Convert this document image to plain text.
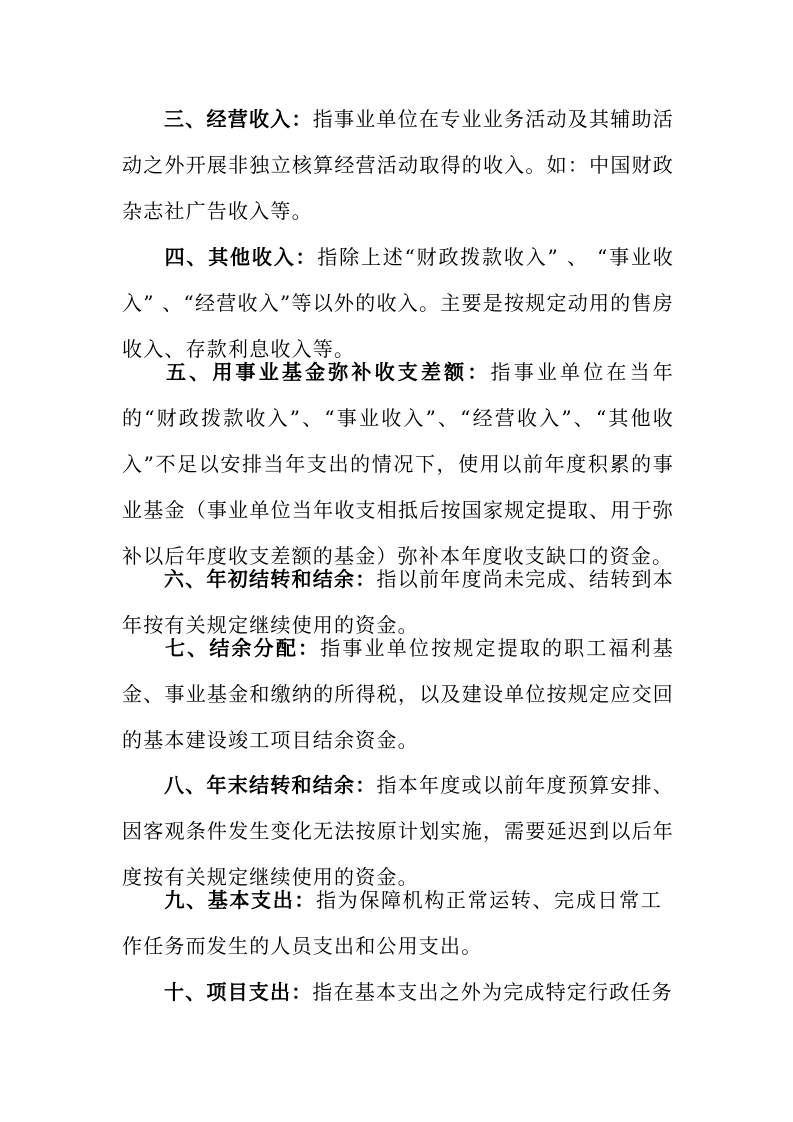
三、经营收入：指事业单位在专业业务活动及其辅助活动之外开展非独立核算经营活动取得的收入。如：中国财政杂志社广告收入等。

四、其他收入：指除上述“财政拨款收入” 、 “事业收入” 、“经营收入”等以外的收入。主要是按规定动用的售房收入、存款利息收入等。

五、用事业基金弥补收支差额：指事业单位在当年的“财政拨款收入”、“事业收入”、“经营收入”、“其他收入”不足以安排当年支出的情况下，使用以前年度积累的事业基金（事业单位当年收支相抵后按国家规定提取、用于弥补以后年度收支差额的基金）弥补本年度收支缺口的资金。

六、年初结转和结余：指以前年度尚未完成、结转到本年按有关规定继续使用的资金。

七、结余分配：指事业单位按规定提取的职工福利基金、事业基金和缴纳的所得税，以及建设单位按规定应交回的基本建设竣工项目结余资金。

八、年末结转和结余：指本年度或以前年度预算安排、因客观条件发生变化无法按原计划实施，需要延迟到以后年度按有关规定继续使用的资金。

九、基本支出：指为保障机构正常运转、完成日常工作任务而发生的人员支出和公用支出。

十、项目支出：指在基本支出之外为完成特定行政任务
